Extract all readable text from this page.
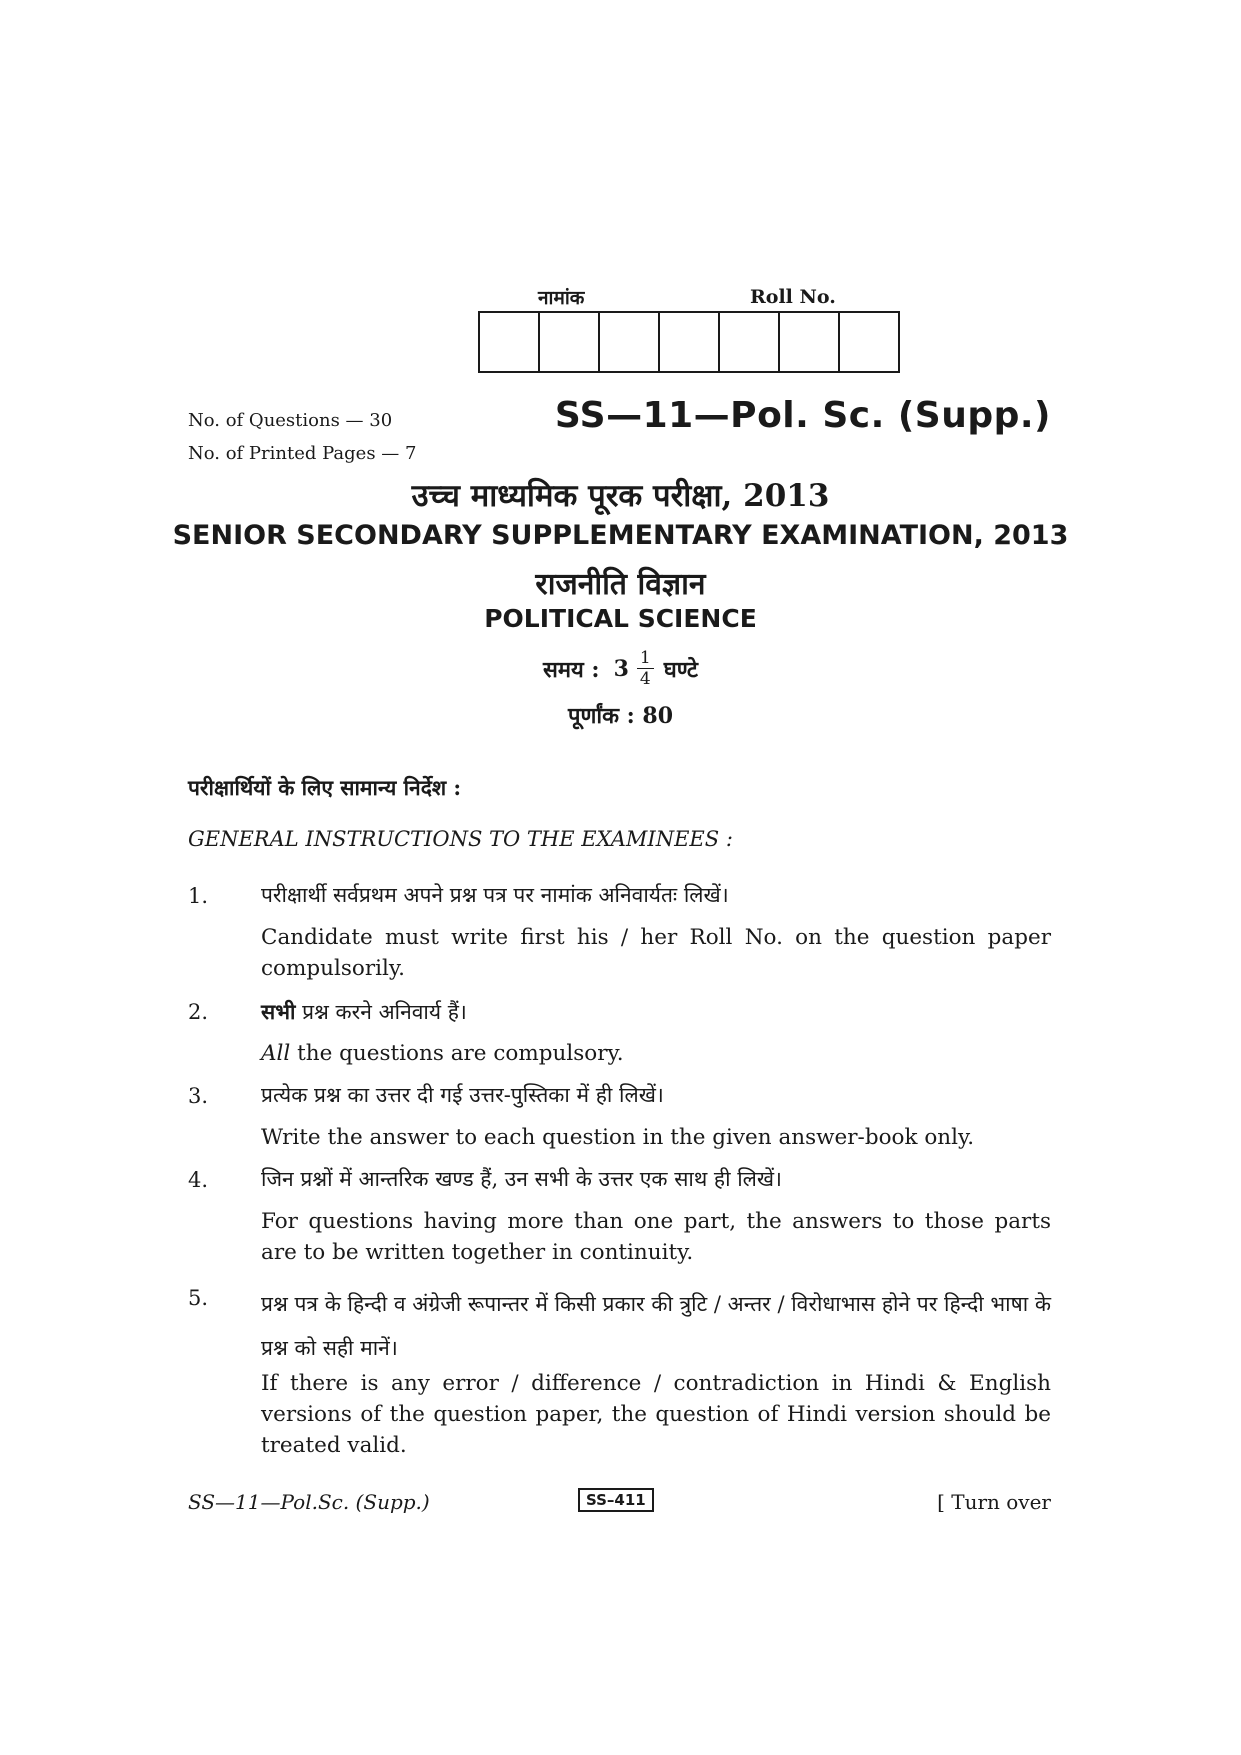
नामांक	Roll No.
No. of Questions — 30
No. of Printed Pages — 7
SS—11—Pol. Sc. (Supp.)
उच्च माध्यमिक पूरक परीक्षा, 2013
SENIOR SECONDARY SUPPLEMENTARY EXAMINATION, 2013
राजनीति विज्ञान
POLITICAL SCIENCE
समय : $3 \frac{1}{4}$ घण्टे
पूर्णांक : 80
परीक्षार्थियों के लिए सामान्य निर्देश :
GENERAL INSTRUCTIONS TO THE EXAMINEES :
1.	परीक्षार्थी सर्वप्रथम अपने प्रश्न पत्र पर नामांक अनिवार्यतः लिखें।
Candidate must write first his / her Roll No. on the question paper compulsorily.
2.	सभी प्रश्न करने अनिवार्य हैं।
All the questions are compulsory.
3.	प्रत्येक प्रश्न का उत्तर दी गई उत्तर-पुस्तिका में ही लिखें।
Write the answer to each question in the given answer-book only.
4.	जिन प्रश्नों में आन्तरिक खण्ड हैं, उन सभी के उत्तर एक साथ ही लिखें।
For questions having more than one part, the answers to those parts are to be written together in continuity.
5.	प्रश्न पत्र के हिन्दी व अंग्रेजी रूपान्तर में किसी प्रकार की त्रुटि / अन्तर / विरोधाभास होने पर हिन्दी भाषा के प्रश्न को सही मानें।
If there is any error / difference / contradiction in Hindi & English versions of the question paper, the question of Hindi version should be treated valid.
SS—11—Pol.Sc. (Supp.)	SS–411	[ Turn over
